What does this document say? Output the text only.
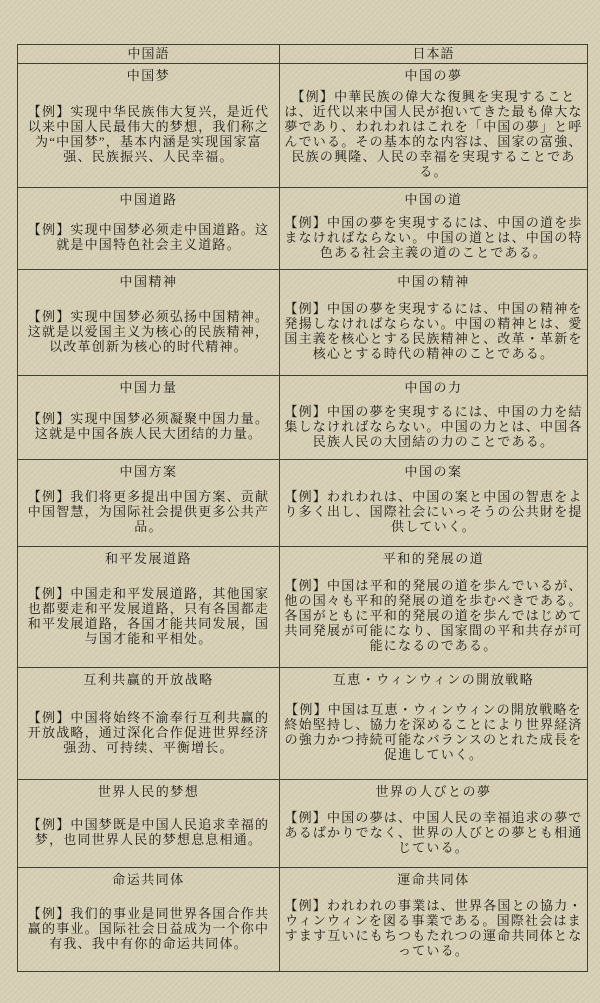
中国語	日本語
中国梦
【例】实现中华民族伟大复兴，是近代以来中国人民最伟大的梦想，我们称之为“中国梦”，基本内涵是实现国家富强、民族振兴、人民幸福。
中国の夢
【例】中華民族の偉大な復興を実現することは、近代以来中国人民が抱いてきた最も偉大な夢であり、われわれはこれを「中国の夢」と呼んでいる。その基本的な内容は、国家の富強、民族の興隆、人民の幸福を実現することである。
中国道路
【例】实现中国梦必须走中国道路。这就是中国特色社会主义道路。
中国の道
【例】中国の夢を実現するには、中国の道を歩まなければならない。中国の道とは、中国の特色ある社会主義の道のことである。
中国精神
【例】实现中国梦必须弘扬中国精神。这就是以爱国主义为核心的民族精神，以改革创新为核心的时代精神。
中国の精神
【例】中国の夢を実現するには、中国の精神を発揚しなければならない。中国の精神とは、愛国主義を核心とする民族精神と、改革・革新を核心とする時代の精神のことである。
中国力量
【例】实现中国梦必须凝聚中国力量。这就是中国各族人民大团结的力量。
中国の力
【例】中国の夢を実現するには、中国の力を結集しなければならない。中国の力とは、中国各民族人民の大団結の力のことである。
中国方案
【例】我们将更多提出中国方案、贡献中国智慧，为国际社会提供更多公共产品。
中国の案
【例】われわれは、中国の案と中国の智恵をより多く出し、国際社会にいっそうの公共財を提供していく。
和平发展道路
【例】中国走和平发展道路，其他国家也都要走和平发展道路，只有各国都走和平发展道路，各国才能共同发展，国与国才能和平相处。
平和的発展の道
【例】中国は平和的発展の道を歩んでいるが、他の国々も平和的発展の道を歩むべきである。各国がともに平和的発展の道を歩んではじめて共同発展が可能になり、国家間の平和共存が可能になるのである。
互利共赢的开放战略
【例】中国将始终不渝奉行互利共赢的开放战略，通过深化合作促进世界经济强劲、可持续、平衡增长。
互恵・ウィンウィンの開放戦略
【例】中国は互恵・ウィンウィンの開放戦略を終始堅持し、協力を深めることにより世界経済の強力かつ持続可能なバランスのとれた成長を促進していく。
世界人民的梦想
【例】中国梦既是中国人民追求幸福的梦，也同世界人民的梦想息息相通。
世界の人びとの夢
【例】中国の夢は、中国人民の幸福追求の夢であるばかりでなく、世界の人びとの夢とも相通じている。
命运共同体
【例】我们的事业是同世界各国合作共赢的事业。国际社会日益成为一个你中有我、我中有你的命运共同体。
運命共同体
【例】われわれの事業は、世界各国との協力・ウィンウィンを図る事業である。国際社会はますます互いにもちつもたれつの運命共同体となっている。
